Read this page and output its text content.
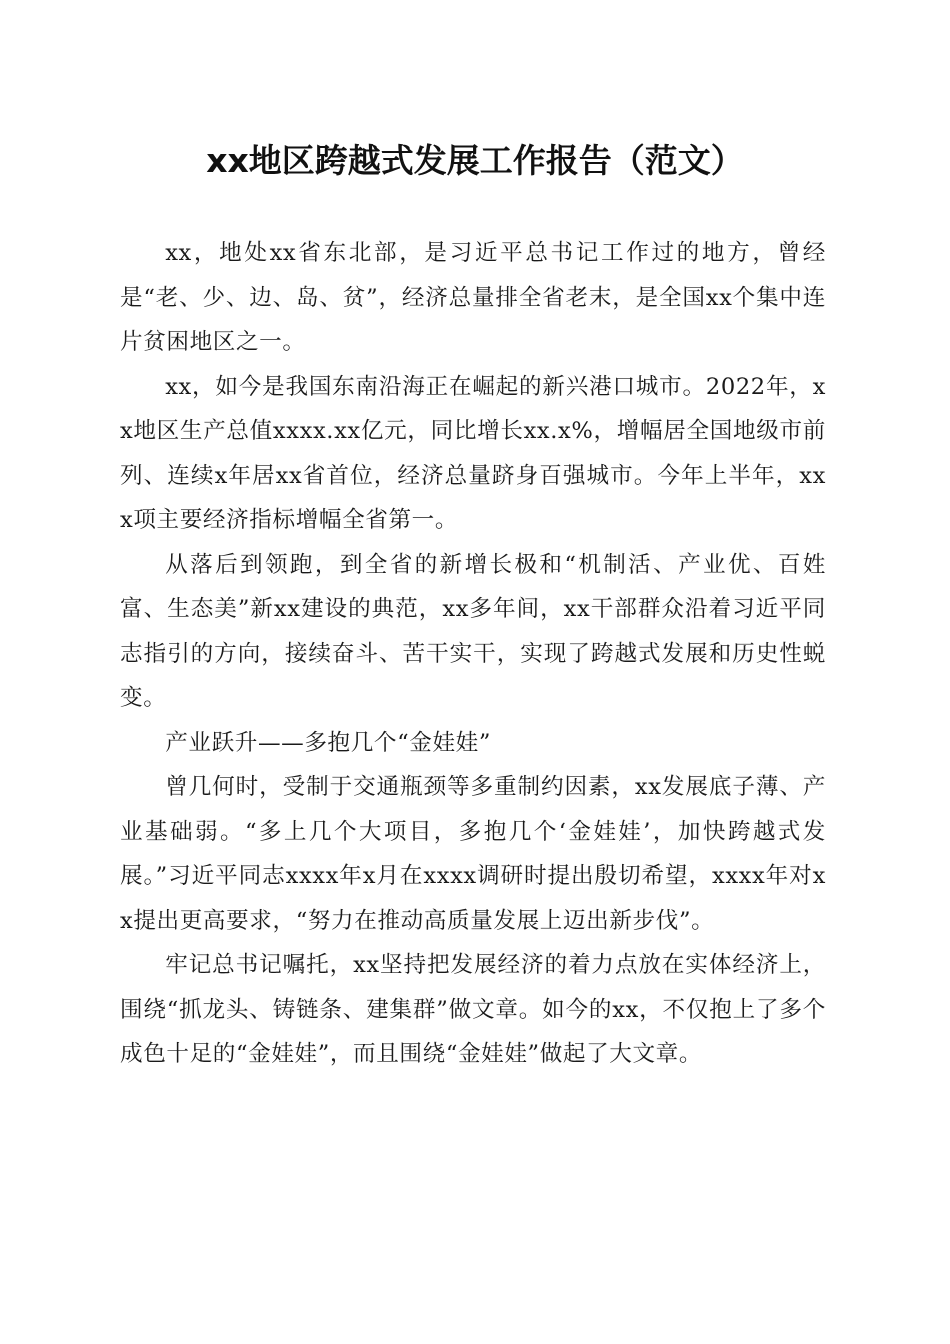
xx地区跨越式发展工作报告（范文）

xx，地处xx省东北部，是习近平总书记工作过的地方，曾经是“老、少、边、岛、贫”，经济总量排全省老末，是全国xx个集中连片贫困地区之一。

xx，如今是我国东南沿海正在崛起的新兴港口城市。2022年，xx地区生产总值xxxx.xx亿元，同比增长xx.x%，增幅居全国地级市前列、连续x年居xx省首位，经济总量跻身百强城市。今年上半年，xxx项主要经济指标增幅全省第一。

从落后到领跑，到全省的新增长极和“机制活、产业优、百姓富、生态美”新xx建设的典范，xx多年间，xx干部群众沿着习近平同志指引的方向，接续奋斗、苦干实干，实现了跨越式发展和历史性蜕变。

产业跃升——多抱几个“金娃娃”

曾几何时，受制于交通瓶颈等多重制约因素，xx发展底子薄、产业基础弱。“多上几个大项目，多抱几个‘金娃娃’，加快跨越式发展。”习近平同志xxxx年x月在xxxx调研时提出殷切希望，xxxx年对xx提出更高要求，“努力在推动高质量发展上迈出新步伐”。

牢记总书记嘱托，xx坚持把发展经济的着力点放在实体经济上，围绕“抓龙头、铸链条、建集群”做文章。如今的xx，不仅抱上了多个成色十足的“金娃娃”，而且围绕“金娃娃”做起了大文章。
